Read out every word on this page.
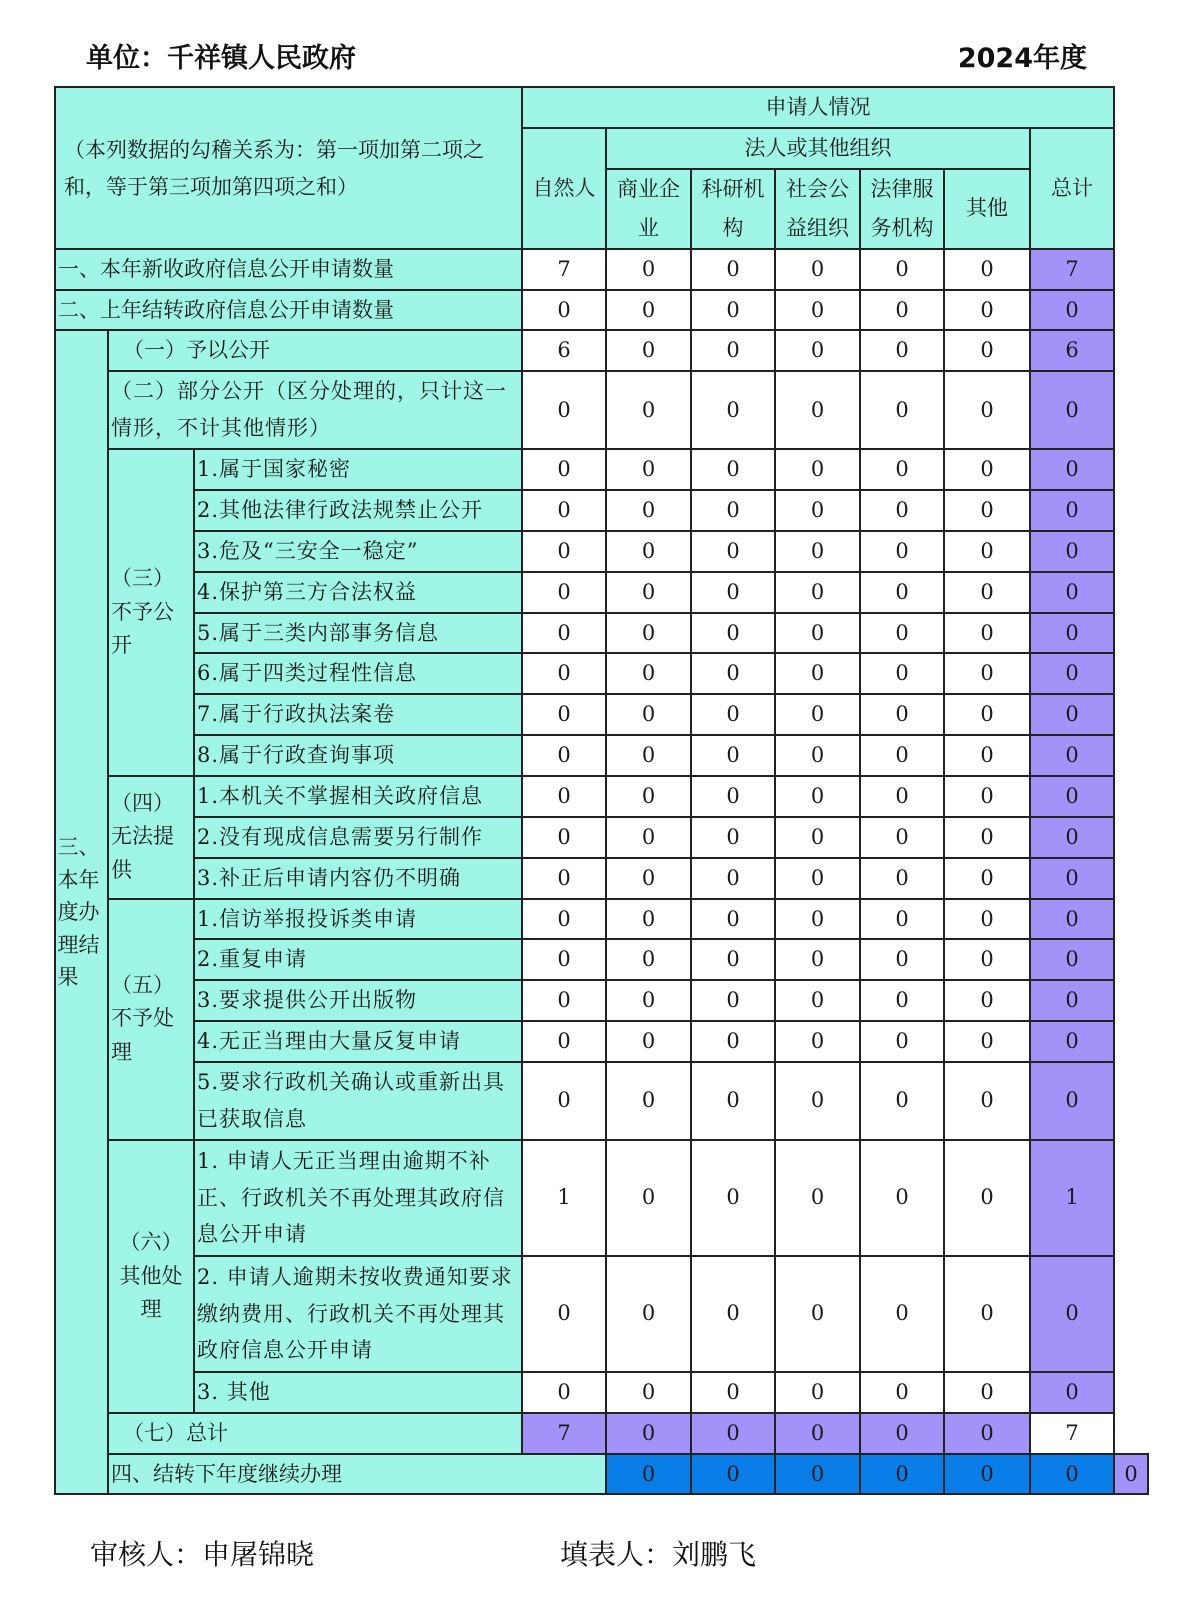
单位：千祥镇人民政府	2024年度
（本列数据的勾稽关系为：第一项加第二项之和，等于第三项加第四项之和）			申请人情况							
			自然人	法人或其他组织					总计	
				商业企业	科研机构	社会公益组织	法律服务机构	其他		

一、本年新收政府信息公开申请数量			7	0	0	0	0	0	7	
二、上年结转政府信息公开申请数量			0	0	0	0	0	0	0	

三、本年度办理结果	（一）予以公开		6	0	0	0	0	0	6	
	（二）部分公开（区分处理的，只计这一情形，不计其他情形）		0	0	0	0	0	0	0	

	（三）不予公开	1.属于国家秘密	0	0	0	0	0	0	0	
		2.其他法律行政法规禁止公开	0	0	0	0	0	0	0	
		3.危及“三安全一稳定”	0	0	0	0	0	0	0	
		4.保护第三方合法权益	0	0	0	0	0	0	0	
		5.属于三类内部事务信息	0	0	0	0	0	0	0	
		6.属于四类过程性信息	0	0	0	0	0	0	0	
		7.属于行政执法案卷	0	0	0	0	0	0	0	
		8.属于行政查询事项	0	0	0	0	0	0	0	

	（四）无法提供	1.本机关不掌握相关政府信息	0	0	0	0	0	0	0	
		2.没有现成信息需要另行制作	0	0	0	0	0	0	0	
		3.补正后申请内容仍不明确	0	0	0	0	0	0	0	

	（五）不予处理	1.信访举报投诉类申请	0	0	0	0	0	0	0	
		2.重复申请	0	0	0	0	0	0	0	
		3.要求提供公开出版物	0	0	0	0	0	0	0	
		4.无正当理由大量反复申请	0	0	0	0	0	0	0	
		5.要求行政机关确认或重新出具已获取信息	0	0	0	0	0	0	0	

	（六）其他处理	1. 申请人无正当理由逾期不补正、行政机关不再处理其政府信息公开申请	1	0	0	0	0	0	1	
		2. 申请人逾期未按收费通知要求缴纳费用、行政机关不再处理其政府信息公开申请	0	0	0	0	0	0	0	
		3. 其他	0	0	0	0	0	0	0	
	（七）总计		7	0	0	0	0	0	7	
	四、结转下年度继续办理			0	0	0	0	0	0	0
审核人：申屠锦晓	填表人：刘鹏飞
